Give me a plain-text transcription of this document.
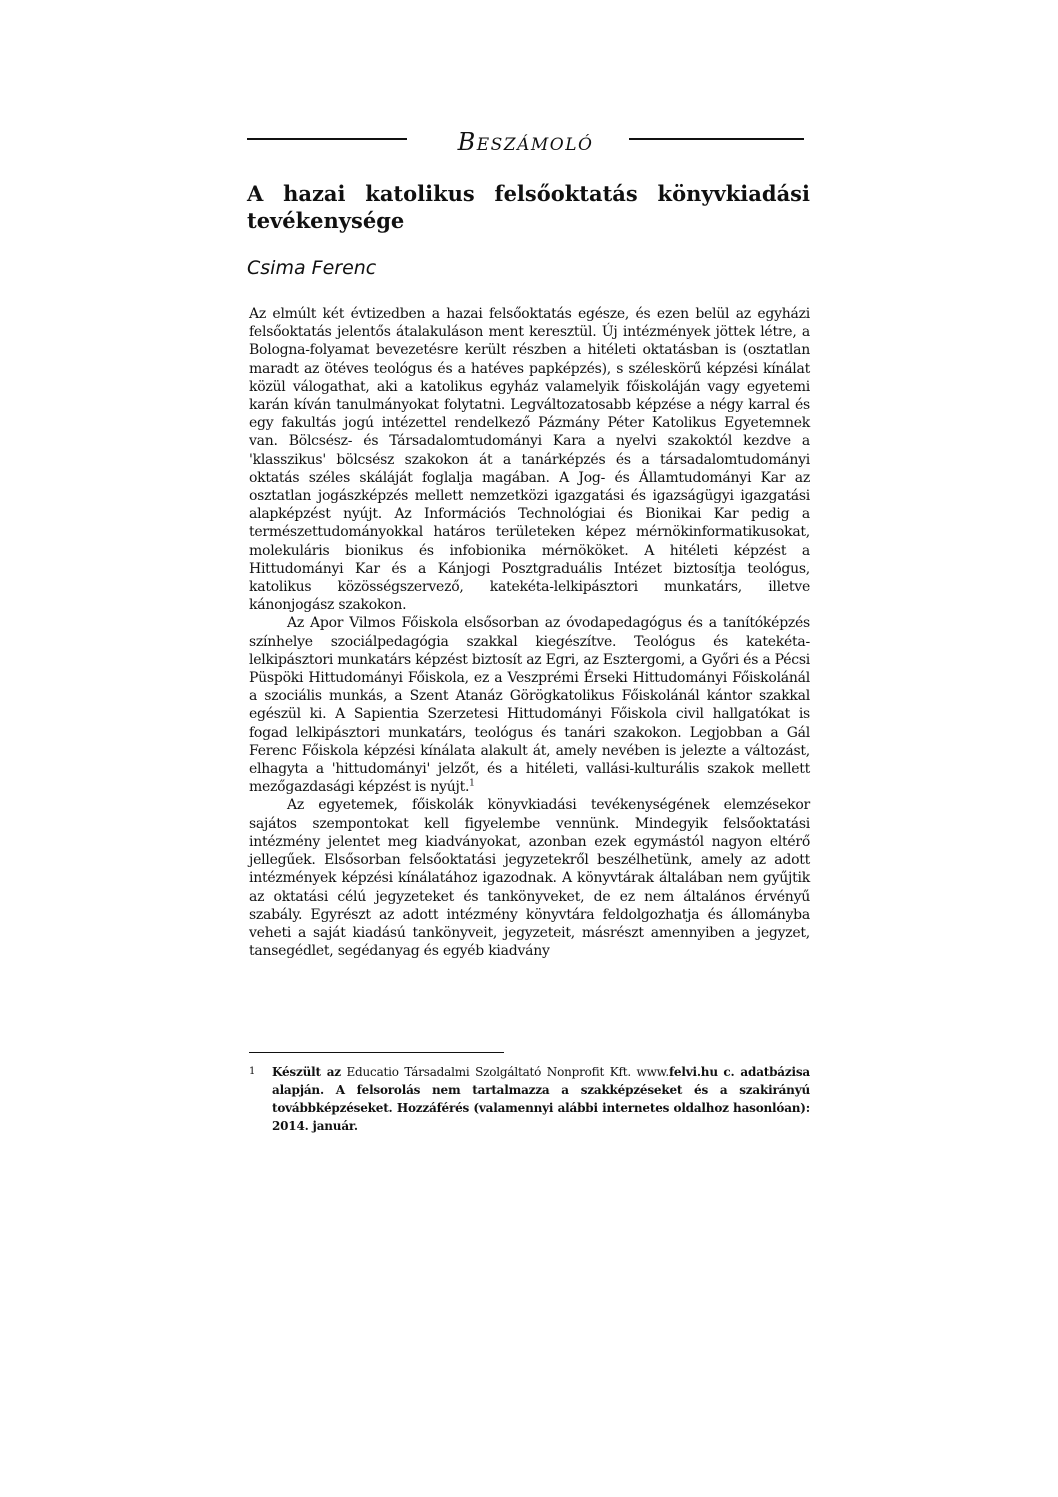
Beszámoló
A hazai katolikus felsőoktatás könyvkiadási tevékenysége

Csima Ferenc

Az elmúlt két évtizedben a hazai felsőoktatás egésze, és ezen belül az egyházi felsőoktatás jelentős átalakuláson ment keresztül. Új intézmények jöttek létre, a Bologna-folyamat bevezetésre került részben a hitéleti oktatásban is (osztatlan maradt az ötéves teológus és a hatéves papképzés), s széleskörű képzési kínálat közül válogathat, aki a katolikus egyház valamelyik főiskoláján vagy egyetemi karán kíván tanulmányokat folytatni. Legváltozatosabb képzése a négy karral és egy fakultás jogú intézettel rendelkező Pázmány Péter Katolikus Egyetemnek van. Bölcsész- és Társadalomtudományi Kara a nyelvi szakoktól kezdve a 'klasszikus' bölcsész szakokon át a tanárképzés és a társadalomtudományi oktatás széles skáláját foglalja magában. A Jog- és Államtudományi Kar az osztatlan jogászképzés mellett nemzetközi igazgatási és igazságügyi igazgatási alapképzést nyújt. Az Információs Technológiai és Bionikai Kar pedig a természettudományokkal határos területeken képez mérnökinformatikusokat, molekuláris bionikus és infobionika mérnököket. A hitéleti képzést a Hittudományi Kar és a Kánjogi Posztgraduális Intézet biztosítja teológus, katolikus közösségszervező, katekéta-lelkipásztori munkatárs, illetve kánonjogász szakokon.

Az Apor Vilmos Főiskola elsősorban az óvodapedagógus és a tanítóképzés színhelye szociálpedagógia szakkal kiegészítve. Teológus és katekéta-lelkipásztori munkatárs képzést biztosít az Egri, az Esztergomi, a Győri és a Pécsi Püspöki Hittudományi Főiskola, ez a Veszprémi Érseki Hittudományi Főiskolánál a szociális munkás, a Szent Atanáz Görögkatolikus Főiskolánál kántor szakkal egészül ki. A Sapientia Szerzetesi Hittudományi Főiskola civil hallgatókat is fogad lelkipásztori munkatárs, teológus és tanári szakokon. Legjobban a Gál Ferenc Főiskola képzési kínálata alakult át, amely nevében is jelezte a változást, elhagyta a 'hittudományi' jelzőt, és a hitéleti, vallási-kulturális szakok mellett mezőgazdasági képzést is nyújt.$^1$

Az egyetemek, főiskolák könyvkiadási tevékenységének elemzésekor sajátos szempontokat kell figyelembe vennünk. Mindegyik felsőoktatási intézmény jelentet meg kiadványokat, azonban ezek egymástól nagyon eltérő jellegűek. Elsősorban felsőoktatási jegyzetekről beszélhetünk, amely az adott intézmények képzési kínálatához igazodnak. A könyvtárak általában nem gyűjtik az oktatási célú jegyzeteket és tankönyveket, de ez nem általános érvényű szabály. Egyrészt az adott intézmény könyvtára feldolgozhatja és állományba veheti a saját kiadású tankönyveit, jegyzeteit, másrészt amennyiben a jegyzet, tansegédlet, segédanyag és egyéb kiadvány

1 Készült az Educatio Társadalmi Szolgáltató Nonprofit Kft. www.felvi.hu c. adatbázisa alapján. A felsorolás nem tartalmazza a szakképzéseket és a szakirányú továbbképzéseket. Hozzáférés (valamennyi alábbi internetes oldalhoz hasonlóan): 2014. január.
